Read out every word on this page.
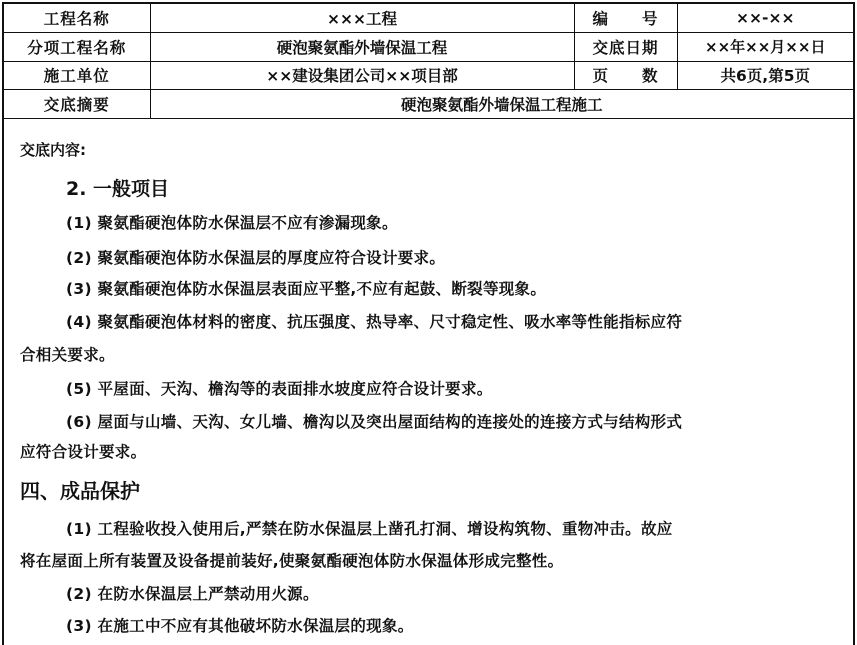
工程名称	×××工程	编　　号	××-××
分项工程名称	硬泡聚氨酯外墙保温工程	交底日期	××年××月××日
施工单位	××建设集团公司××项目部	页　　数	共6页,第5页
交底摘要	硬泡聚氨酯外墙保温工程施工		
交底内容:
2. 一般项目
(1) 聚氨酯硬泡体防水保温层不应有渗漏现象。
(2) 聚氨酯硬泡体防水保温层的厚度应符合设计要求。
(3) 聚氨酯硬泡体防水保温层表面应平整,不应有起鼓、断裂等现象。
(4) 聚氨酯硬泡体材料的密度、抗压强度、热导率、尺寸稳定性、吸水率等性能指标应符
合相关要求。
(5) 平屋面、天沟、檐沟等的表面排水坡度应符合设计要求。
(6) 屋面与山墙、天沟、女儿墙、檐沟以及突出屋面结构的连接处的连接方式与结构形式
应符合设计要求。
四、成品保护
(1) 工程验收投入使用后,严禁在防水保温层上凿孔打洞、增设构筑物、重物冲击。故应
将在屋面上所有装置及设备提前装好,使聚氨酯硬泡体防水保温体形成完整性。
(2) 在防水保温层上严禁动用火源。
(3) 在施工中不应有其他破坏防水保温层的现象。
